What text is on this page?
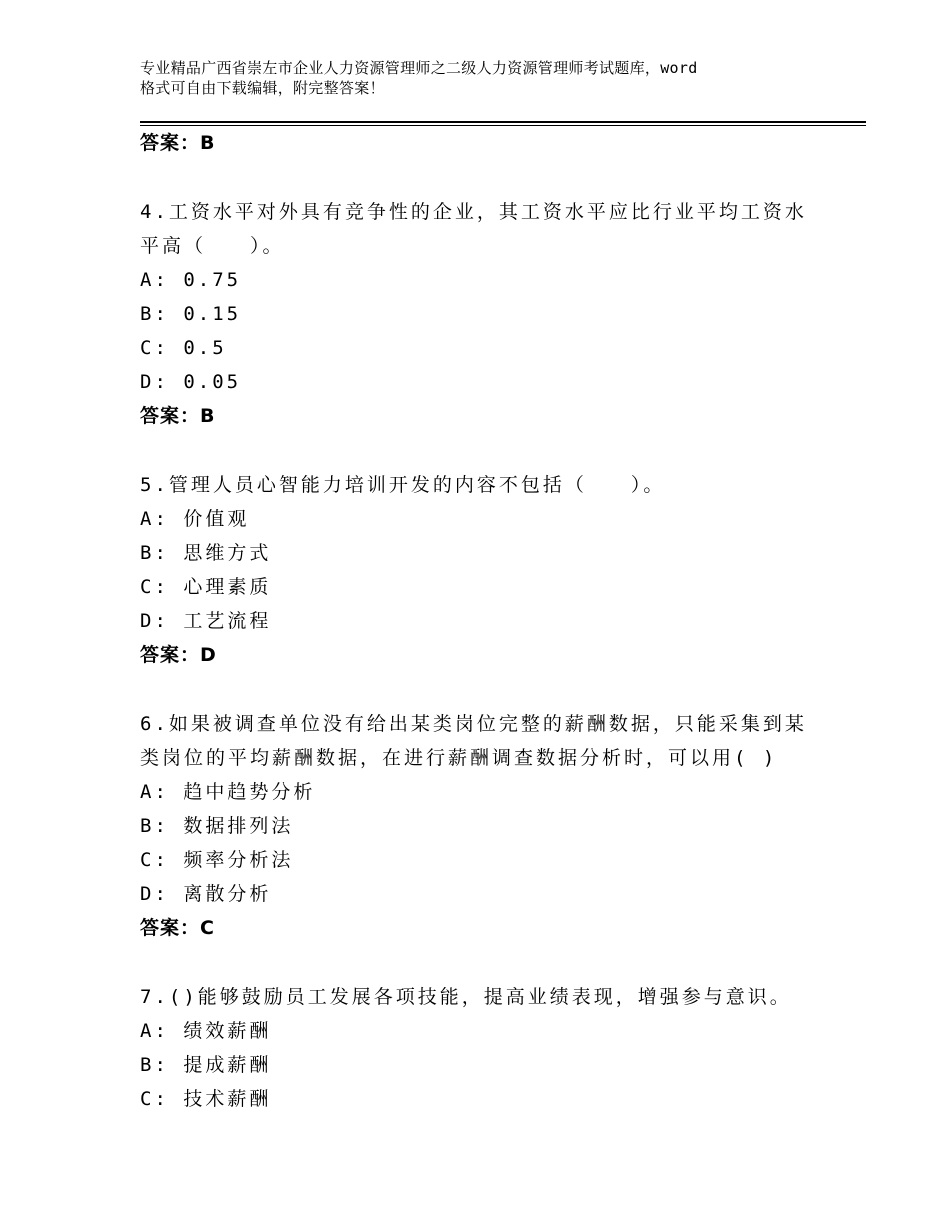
专业精品广西省崇左市企业人力资源管理师之二级人力资源管理师考试题库，word
格式可自由下载编辑，附完整答案！
答案：B
4.工资水平对外具有竞争性的企业，其工资水平应比行业平均工资水
平高（　　）。
A: 0.75
B: 0.15
C: 0.5
D: 0.05
答案：B
5.管理人员心智能力培训开发的内容不包括（　　）。
A: 价值观
B: 思维方式
C: 心理素质
D: 工艺流程
答案：D
6.如果被调查单位没有给出某类岗位完整的薪酬数据，只能采集到某
类岗位的平均薪酬数据，在进行薪酬调查数据分析时，可以用( )
A: 趋中趋势分析
B: 数据排列法
C: 频率分析法
D: 离散分析
答案：C
7.()能够鼓励员工发展各项技能，提高业绩表现，增强参与意识。
A: 绩效薪酬
B: 提成薪酬
C: 技术薪酬
